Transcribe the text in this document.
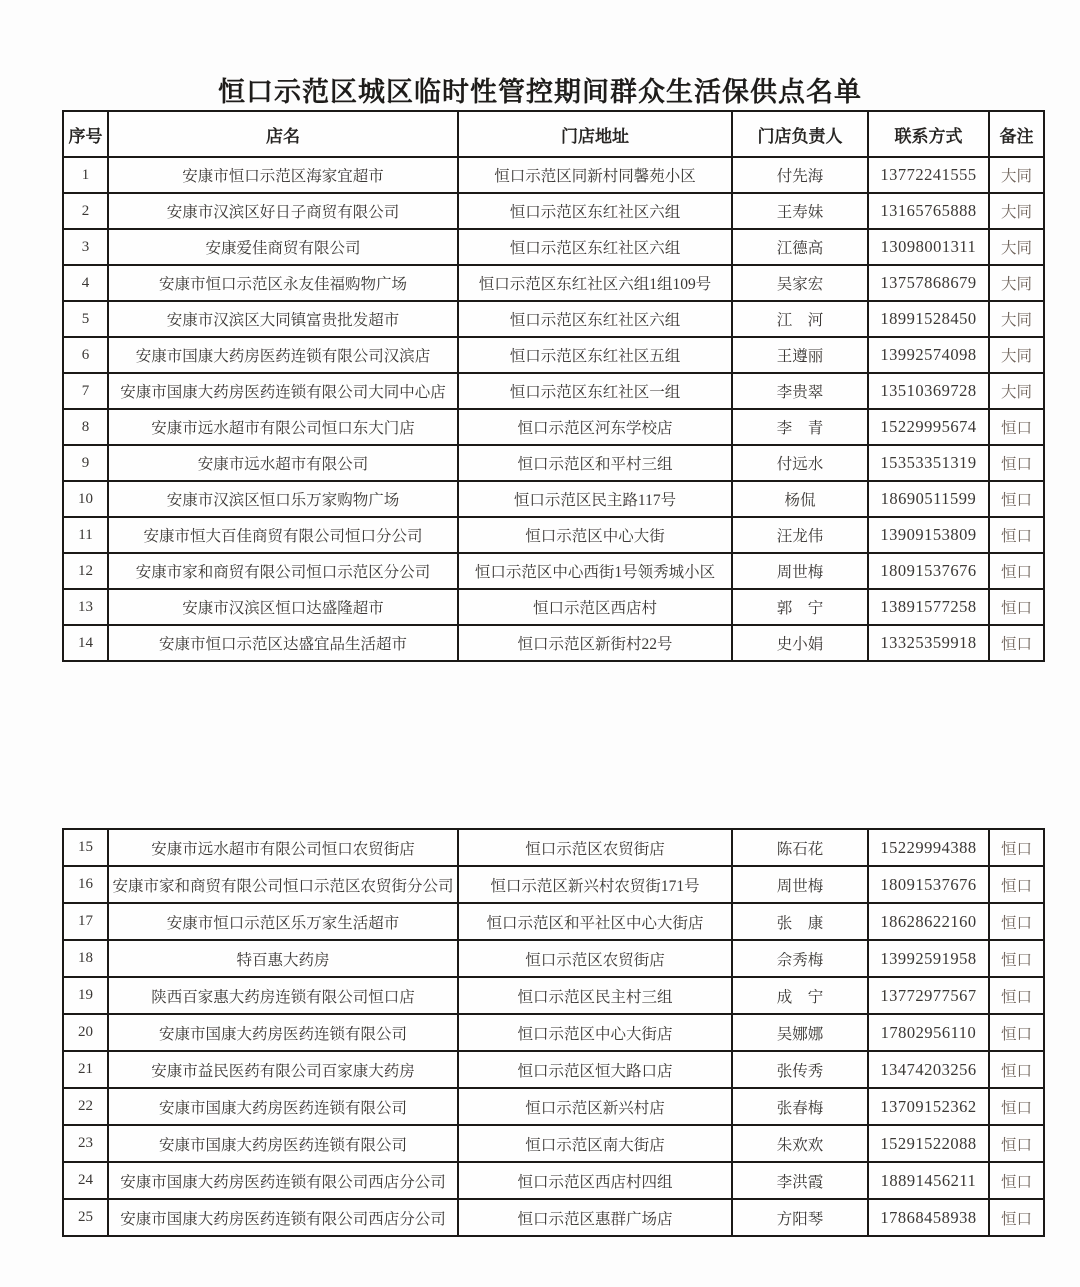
恒口示范区城区临时性管控期间群众生活保供点名单
序号	店名	门店地址	门店负责人	联系方式	备注
1	安康市恒口示范区海家宜超市	恒口示范区同新村同馨苑小区	付先海	13772241555	大同
2	安康市汉滨区好日子商贸有限公司	恒口示范区东红社区六组	王寿妹	13165765888	大同
3	安康爱佳商贸有限公司	恒口示范区东红社区六组	江德高	13098001311	大同
4	安康市恒口示范区永友佳福购物广场	恒口示范区东红社区六组1组109号	吴家宏	13757868679	大同
5	安康市汉滨区大同镇富贵批发超市	恒口示范区东红社区六组	江　河	18991528450	大同
6	安康市国康大药房医药连锁有限公司汉滨店	恒口示范区东红社区五组	王遵丽	13992574098	大同
7	安康市国康大药房医药连锁有限公司大同中心店	恒口示范区东红社区一组	李贵翠	13510369728	大同
8	安康市远水超市有限公司恒口东大门店	恒口示范区河东学校店	李　青	15229995674	恒口
9	安康市远水超市有限公司	恒口示范区和平村三组	付远水	15353351319	恒口
10	安康市汉滨区恒口乐万家购物广场	恒口示范区民主路117号	杨侃	18690511599	恒口
11	安康市恒大百佳商贸有限公司恒口分公司	恒口示范区中心大街	汪龙伟	13909153809	恒口
12	安康市家和商贸有限公司恒口示范区分公司	恒口示范区中心西街1号领秀城小区	周世梅	18091537676	恒口
13	安康市汉滨区恒口达盛隆超市	恒口示范区西店村	郭　宁	13891577258	恒口
14	安康市恒口示范区达盛宜品生活超市	恒口示范区新街村22号	史小娟	13325359918	恒口
15	安康市远水超市有限公司恒口农贸街店	恒口示范区农贸街店	陈石花	15229994388	恒口
16	安康市家和商贸有限公司恒口示范区农贸街分公司	恒口示范区新兴村农贸街171号	周世梅	18091537676	恒口
17	安康市恒口示范区乐万家生活超市	恒口示范区和平社区中心大街店	张　康	18628622160	恒口
18	特百惠大药房	恒口示范区农贸街店	佘秀梅	13992591958	恒口
19	陕西百家惠大药房连锁有限公司恒口店	恒口示范区民主村三组	成　宁	13772977567	恒口
20	安康市国康大药房医药连锁有限公司	恒口示范区中心大街店	吴娜娜	17802956110	恒口
21	安康市益民医药有限公司百家康大药房	恒口示范区恒大路口店	张传秀	13474203256	恒口
22	安康市国康大药房医药连锁有限公司	恒口示范区新兴村店	张春梅	13709152362	恒口
23	安康市国康大药房医药连锁有限公司	恒口示范区南大街店	朱欢欢	15291522088	恒口
24	安康市国康大药房医药连锁有限公司西店分公司	恒口示范区西店村四组	李洪霞	18891456211	恒口
25	安康市国康大药房医药连锁有限公司西店分公司	恒口示范区惠群广场店	方阳琴	17868458938	恒口
